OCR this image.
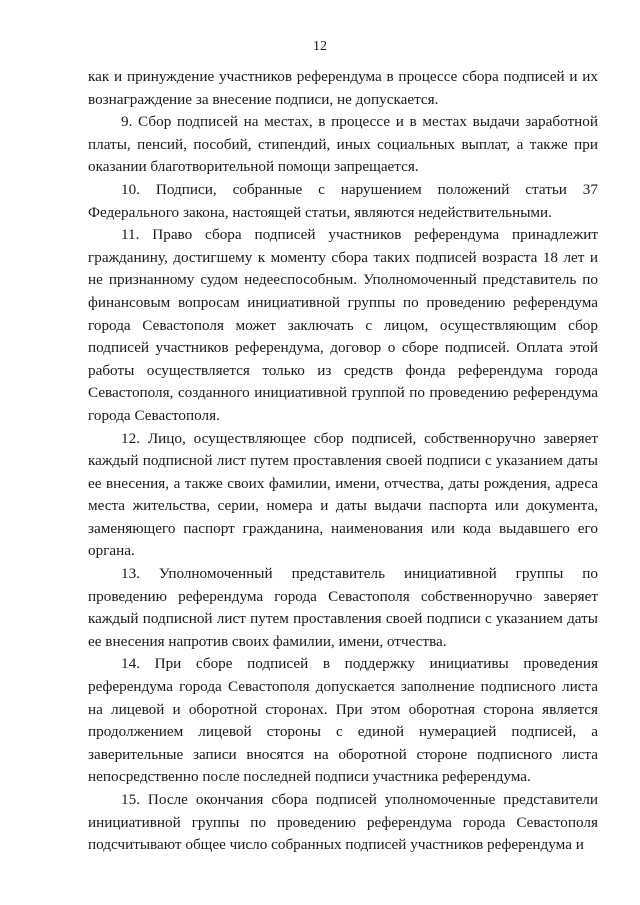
12

как и принуждение участников референдума в процессе сбора подписей и их вознаграждение за внесение подписи, не допускается.

9. Сбор подписей на местах, в процессе и в местах выдачи заработной платы, пенсий, пособий, стипендий, иных социальных выплат, а также при оказании благотворительной помощи запрещается.

10. Подписи, собранные с нарушением положений статьи 37 Федерального закона, настоящей статьи, являются недействительными.

11. Право сбора подписей участников референдума принадлежит гражданину, достигшему к моменту сбора таких подписей возраста 18 лет и не признанному судом недееспособным. Уполномоченный представитель по финансовым вопросам инициативной группы по проведению референдума города Севастополя может заключать с лицом, осуществляющим сбор подписей участников референдума, договор о сборе подписей. Оплата этой работы осуществляется только из средств фонда референдума города Севастополя, созданного инициативной группой по проведению референдума города Севастополя.

12. Лицо, осуществляющее сбор подписей, собственноручно заверяет каждый подписной лист путем проставления своей подписи с указанием даты ее внесения, а также своих фамилии, имени, отчества, даты рождения, адреса места жительства, серии, номера и даты выдачи паспорта или документа, заменяющего паспорт гражданина, наименования или кода выдавшего его органа.

13. Уполномоченный представитель инициативной группы по проведению референдума города Севастополя собственноручно заверяет каждый подписной лист путем проставления своей подписи с указанием даты ее внесения напротив своих фамилии, имени, отчества.

14. При сборе подписей в поддержку инициативы проведения референдума города Севастополя допускается заполнение подписного листа на лицевой и оборотной сторонах. При этом оборотная сторона является продолжением лицевой стороны с единой нумерацией подписей, а заверительные записи вносятся на оборотной стороне подписного листа непосредственно после последней подписи участника референдума.

15. После окончания сбора подписей уполномоченные представители инициативной группы по проведению референдума города Севастополя подсчитывают общее число собранных подписей участников референдума и
